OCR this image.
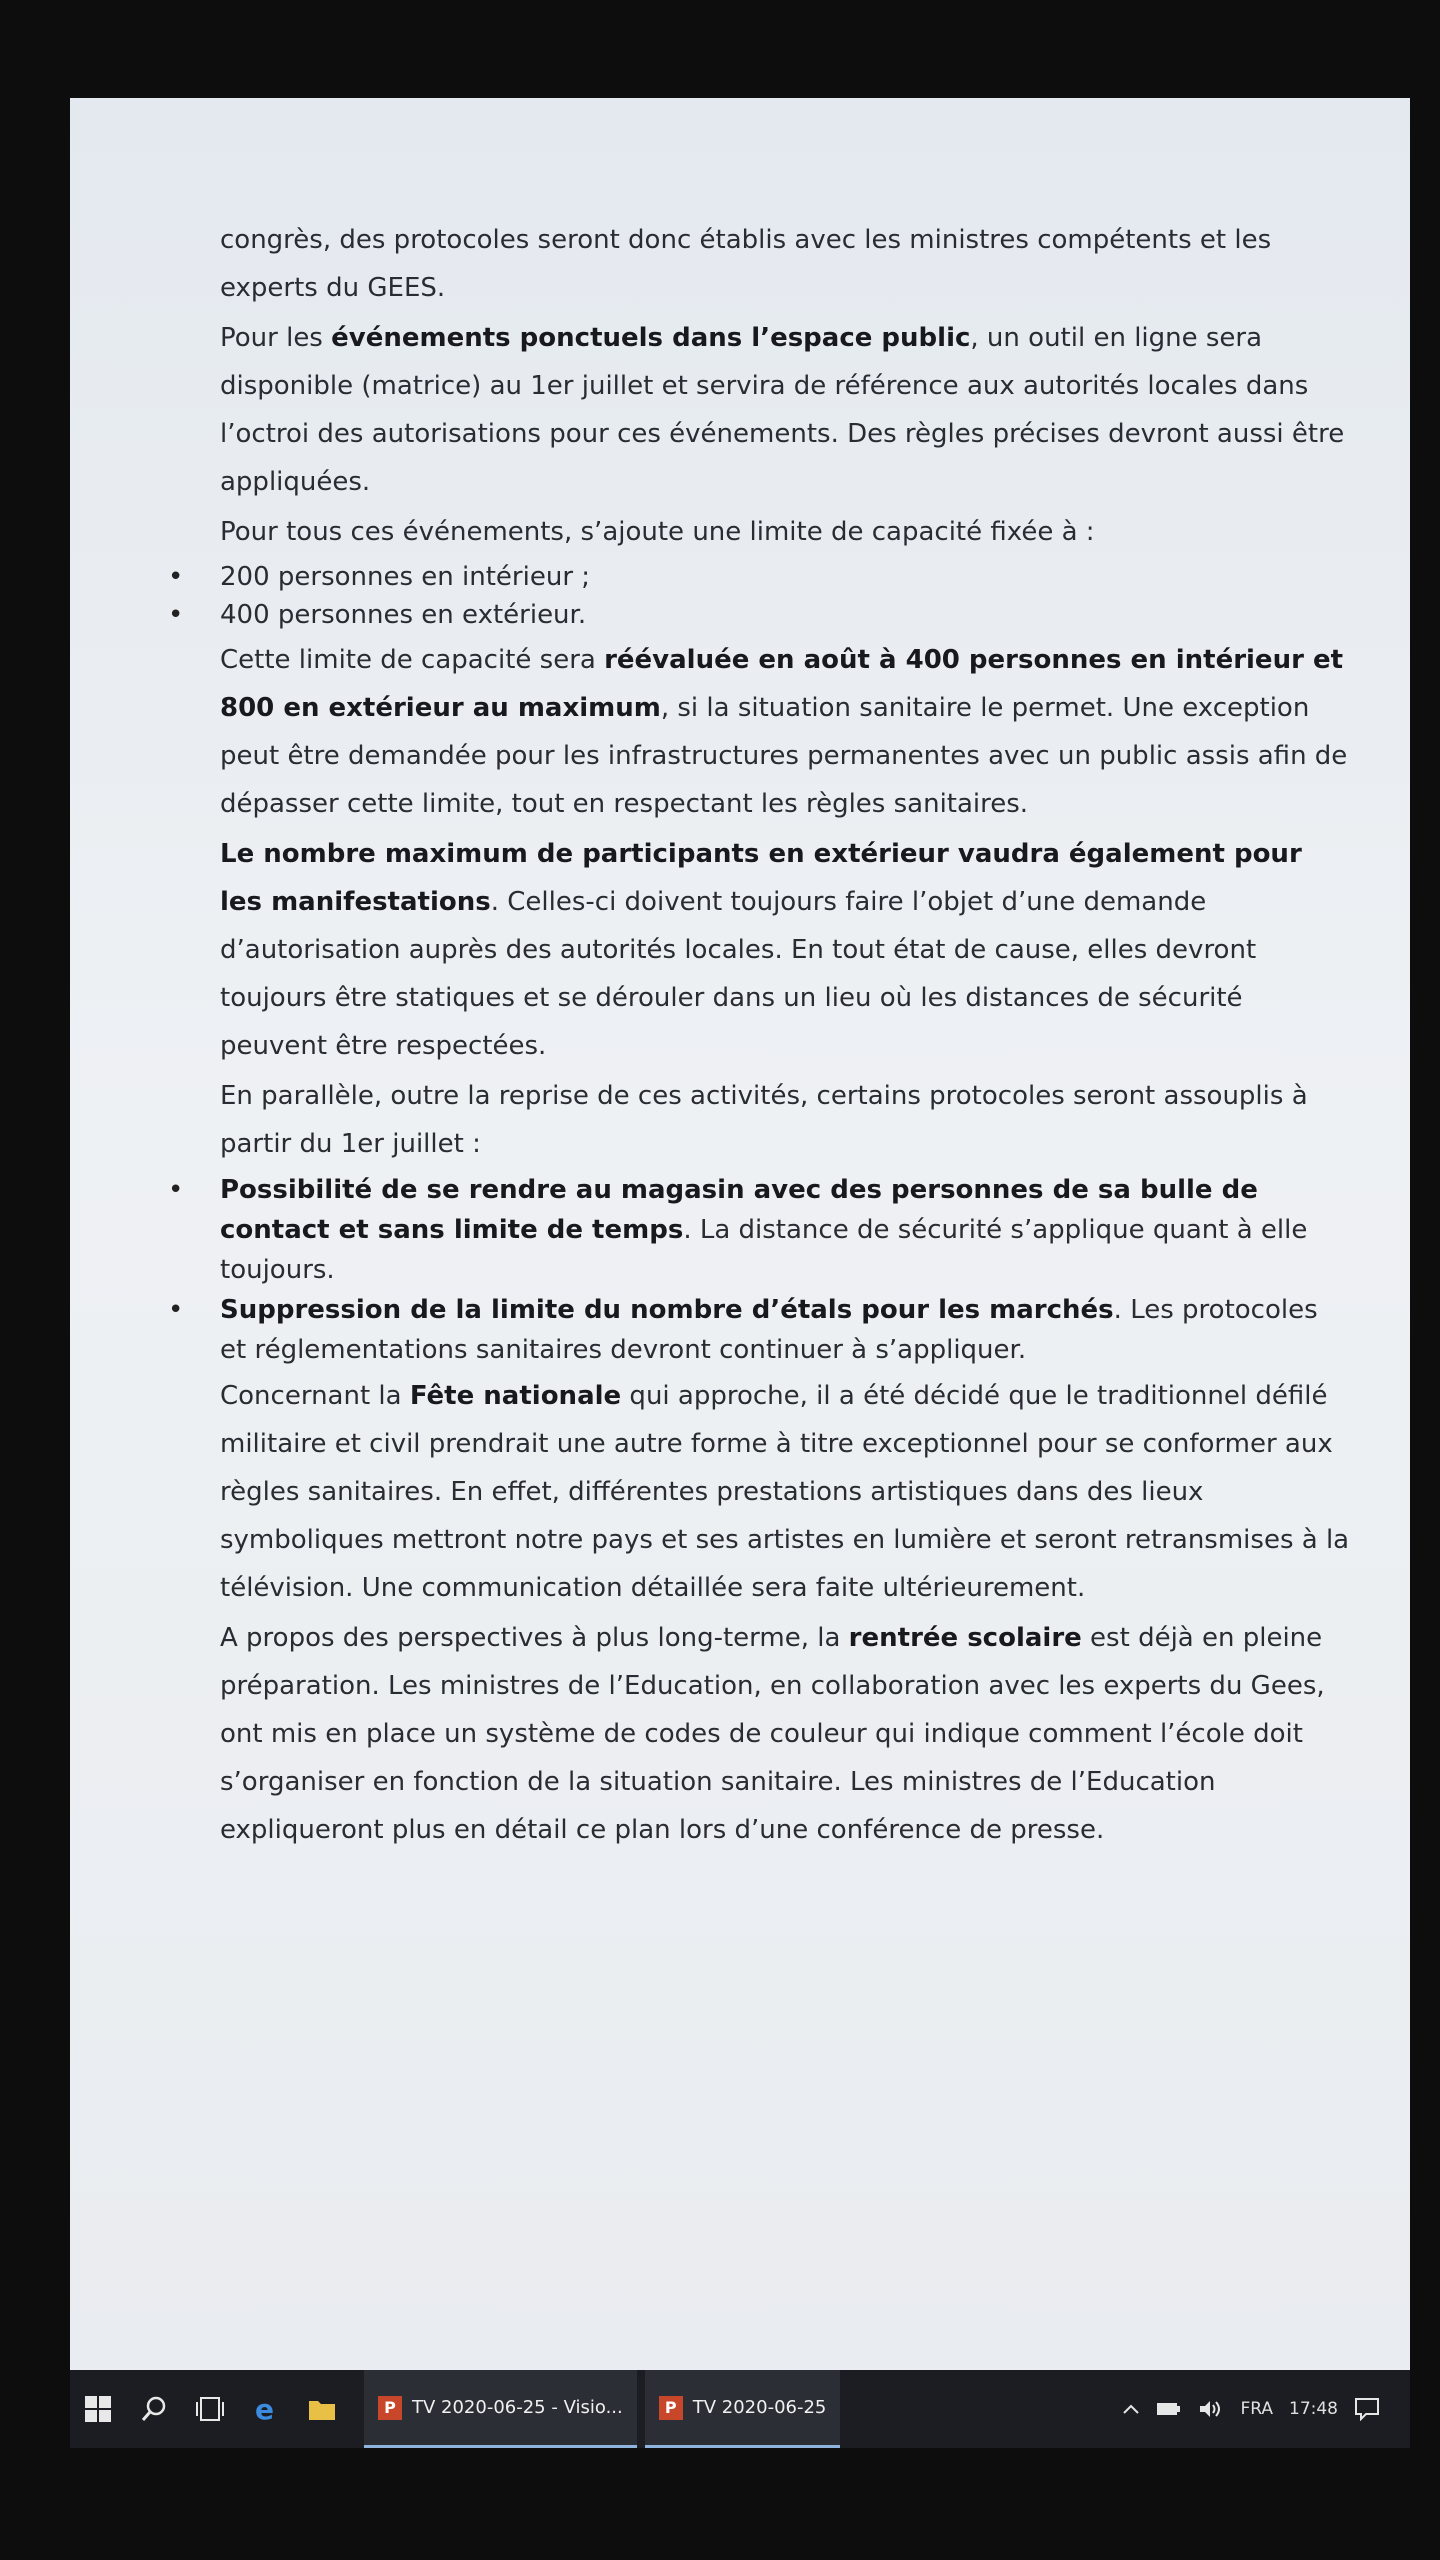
congrès, des protocoles seront donc établis avec les ministres compétents et les experts du GEES.

Pour les événements ponctuels dans l’espace public, un outil en ligne sera disponible (matrice) au 1er juillet et servira de référence aux autorités locales dans l’octroi des autorisations pour ces événements. Des règles précises devront aussi être appliquées.

Pour tous ces événements, s’ajoute une limite de capacité fixée à :

• 200 personnes en intérieur ;
• 400 personnes en extérieur.

Cette limite de capacité sera réévaluée en août à 400 personnes en intérieur et 800 en extérieur au maximum, si la situation sanitaire le permet. Une exception peut être demandée pour les infrastructures permanentes avec un public assis afin de dépasser cette limite, tout en respectant les règles sanitaires.

Le nombre maximum de participants en extérieur vaudra également pour les manifestations. Celles-ci doivent toujours faire l’objet d’une demande d’autorisation auprès des autorités locales. En tout état de cause, elles devront toujours être statiques et se dérouler dans un lieu où les distances de sécurité peuvent être respectées.

En parallèle, outre la reprise de ces activités, certains protocoles seront assouplis à partir du 1er juillet :

• Possibilité de se rendre au magasin avec des personnes de sa bulle de contact et sans limite de temps. La distance de sécurité s’applique quant à elle toujours.
• Suppression de la limite du nombre d’étals pour les marchés. Les protocoles et réglementations sanitaires devront continuer à s’appliquer.

Concernant la Fête nationale qui approche, il a été décidé que le traditionnel défilé militaire et civil prendrait une autre forme à titre exceptionnel pour se conformer aux règles sanitaires. En effet, différentes prestations artistiques dans des lieux symboliques mettront notre pays et ses artistes en lumière et seront retransmises à la télévision. Une communication détaillée sera faite ultérieurement.

A propos des perspectives à plus long-terme, la rentrée scolaire est déjà en pleine préparation. Les ministres de l’Education, en collaboration avec les experts du Gees, ont mis en place un système de codes de couleur qui indique comment l’école doit s’organiser en fonction de la situation sanitaire. Les ministres de l’Education expliqueront plus en détail ce plan lors d’une conférence de presse.

e	P TV 2020-06-25 - Visio...	P TV 2020-06-25	FRA 17:48
